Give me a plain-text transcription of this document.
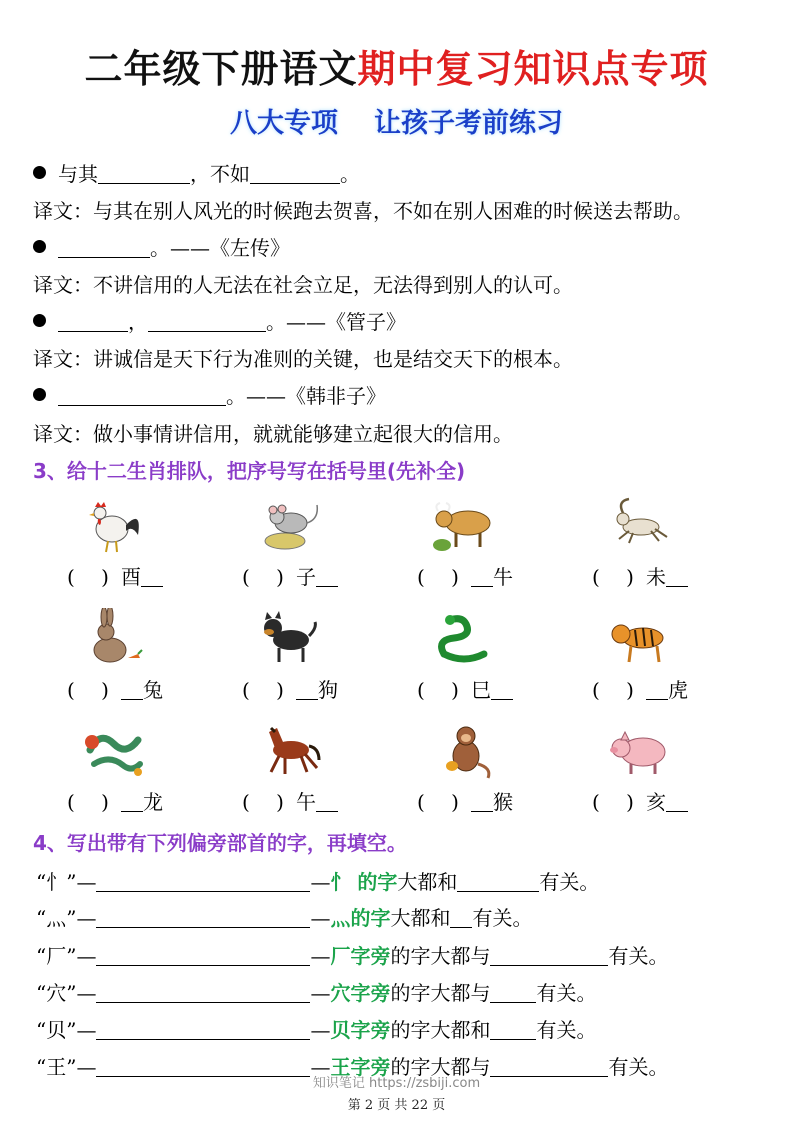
二年级下册语文期中复习知识点专项
八大专项 让孩子考前练习
与其	，不如	。
译文：与其在别人风光的时候跑去贺喜，不如在别人困难的时候送去帮助。
。——《左传》
译文：不讲信用的人无法在社会立足，无法得到别人的认可。
，	。——《管子》
译文：讲诚信是天下行为准则的关键，也是结交天下的根本。
。——《韩非子》
译文：做小事情讲信用，就就能够建立起很大的信用。
3、给十二生肖排队，把序号写在括号里(先补全)
(　 ) 酉	(　 ) 子	(　 ) 牛	(　 ) 未
(　 ) 兔	(　 ) 狗	(　 ) 巳	(　 ) 虎
(　 ) 龙	(　 ) 午	(　 ) 猴	(　 ) 亥
4、写出带有下列偏旁部首的字，再填空。
“忄”—	—忄 的字大都和	有关。
“灬”—	—灬的字大都和 有关。
“厂”—	—厂字旁的字大都与	有关。
“穴”—	—穴字旁的字大都与 有关。
“贝”—	—贝字旁的字大都和 有关。
“王”—	—王字旁的字大都与	有关。
知识笔记 https://zsbiji.com
第 2 页 共 22 页
